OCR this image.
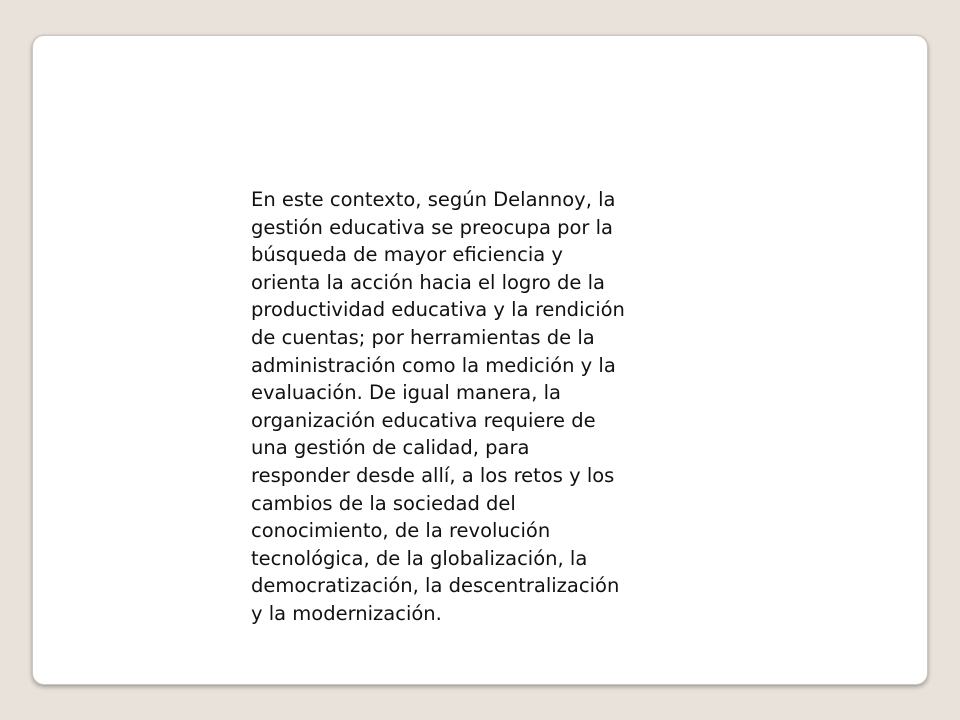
En este contexto, según Delannoy, la
gestión educativa se preocupa por la
búsqueda de mayor eficiencia y
orienta la acción hacia el logro de la
productividad educativa y la rendición
de cuentas; por herramientas de la
administración como la medición y la
evaluación. De igual manera, la
organización educativa requiere de
una gestión de calidad, para
responder desde allí, a los retos y los
cambios de la sociedad del
conocimiento, de la revolución
tecnológica, de la globalización, la
democratización, la descentralización
y la modernización.
